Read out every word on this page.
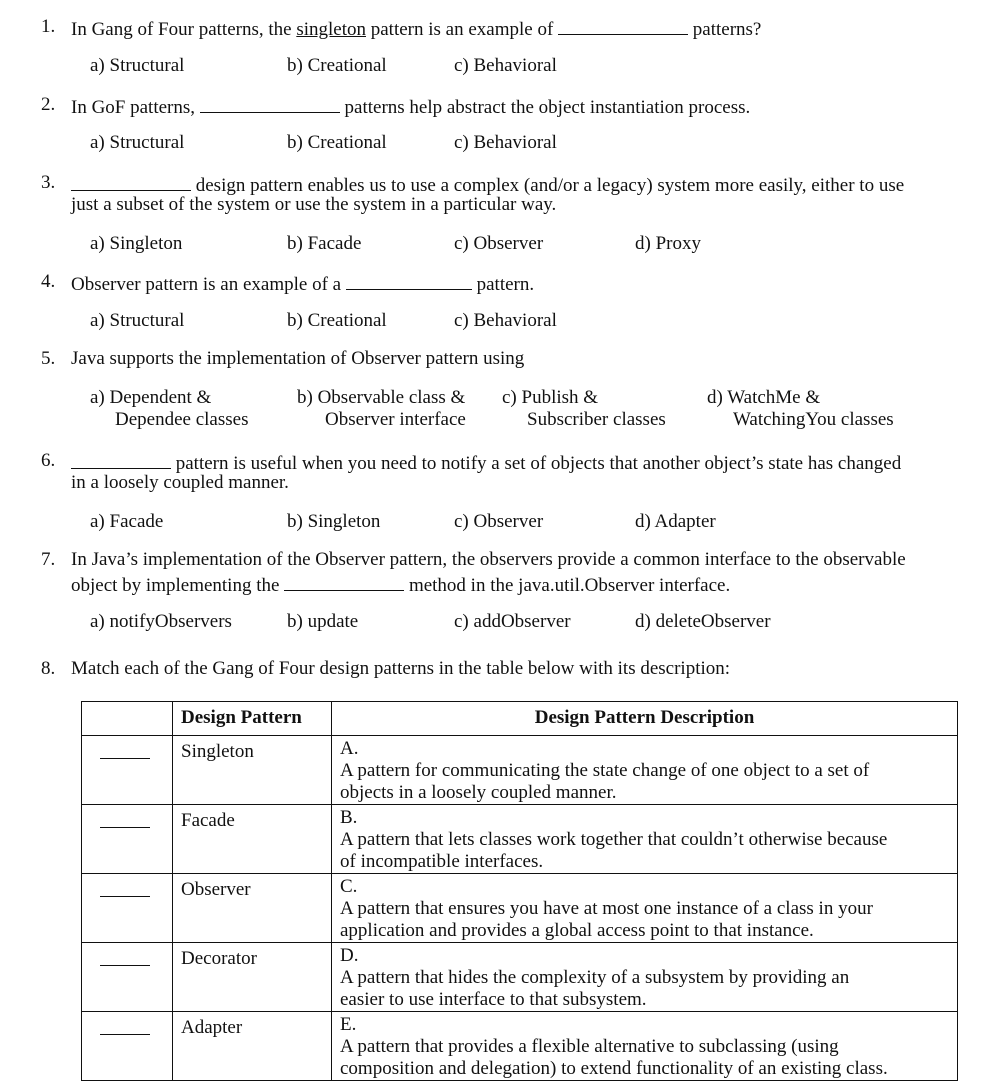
1. In Gang of Four patterns, the singleton pattern is an example of	patterns?
a) Structural	b) Creational	c) Behavioral
2. In GoF patterns,	patterns help abstract the object instantiation process.
a) Structural	b) Creational	c) Behavioral
3.	design pattern enables us to use a complex (and/or a legacy) system more easily, either to use
just a subset of the system or use the system in a particular way.
a) Singleton	b) Facade	c) Observer	d) Proxy
4. Observer pattern is an example of a	pattern.
a) Structural	b) Creational	c) Behavioral
5. Java supports the implementation of Observer pattern using
a) Dependent &
Dependee classes
b) Observable class &
Observer interface
c) Publish &
Subscriber classes
d) WatchMe &
WatchingYou classes
6.	pattern is useful when you need to notify a set of objects that another object’s state has changed
in a loosely coupled manner.
a) Facade	b) Singleton	c) Observer	d) Adapter
7. In Java’s implementation of the Observer pattern, the observers provide a common interface to the observable
object by implementing the	method in the java.util.Observer interface.
a) notifyObservers	b) update	c) addObserver	d) deleteObserver
8. Match each of the Gang of Four design patterns in the table below with its description:
	Design Pattern	Design Pattern Description

	Singleton	A.
A pattern for communicating the state change of one object to a set of
objects in a loosely coupled manner.

	Facade	B.
A pattern that lets classes work together that couldn’t otherwise because
of incompatible interfaces.

	Observer	C.
A pattern that ensures you have at most one instance of a class in your
application and provides a global access point to that instance.

	Decorator	D.
A pattern that hides the complexity of a subsystem by providing an
easier to use interface to that subsystem.

	Adapter	E.
A pattern that provides a flexible alternative to subclassing (using
composition and delegation) to extend functionality of an existing class.
